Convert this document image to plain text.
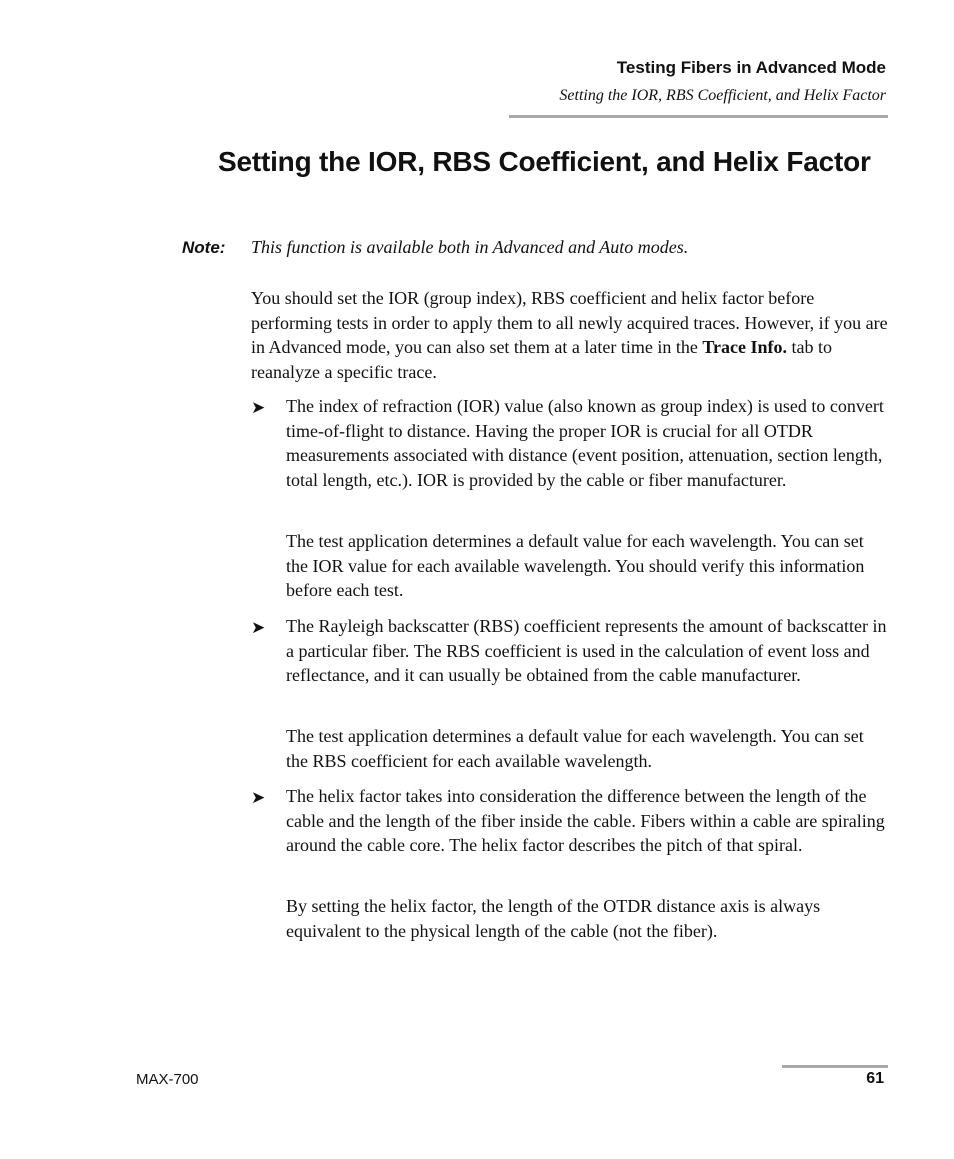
Testing Fibers in Advanced Mode
Setting the IOR, RBS Coefficient, and Helix Factor
Setting the IOR, RBS Coefficient, and Helix Factor
Note: This function is available both in Advanced and Auto modes.

You should set the IOR (group index), RBS coefficient and helix factor before performing tests in order to apply them to all newly acquired traces. However, if you are in Advanced mode, you can also set them at a later time in the Trace Info. tab to reanalyze a specific trace.

➤ The index of refraction (IOR) value (also known as group index) is used to convert time-of-flight to distance. Having the proper IOR is crucial for all OTDR measurements associated with distance (event position, attenuation, section length, total length, etc.). IOR is provided by the cable or fiber manufacturer.

The test application determines a default value for each wavelength. You can set the IOR value for each available wavelength. You should verify this information before each test.

➤ The Rayleigh backscatter (RBS) coefficient represents the amount of backscatter in a particular fiber. The RBS coefficient is used in the calculation of event loss and reflectance, and it can usually be obtained from the cable manufacturer.

The test application determines a default value for each wavelength. You can set the RBS coefficient for each available wavelength.

➤ The helix factor takes into consideration the difference between the length of the cable and the length of the fiber inside the cable. Fibers within a cable are spiraling around the cable core. The helix factor describes the pitch of that spiral.

By setting the helix factor, the length of the OTDR distance axis is always equivalent to the physical length of the cable (not the fiber).

MAX-700	61
